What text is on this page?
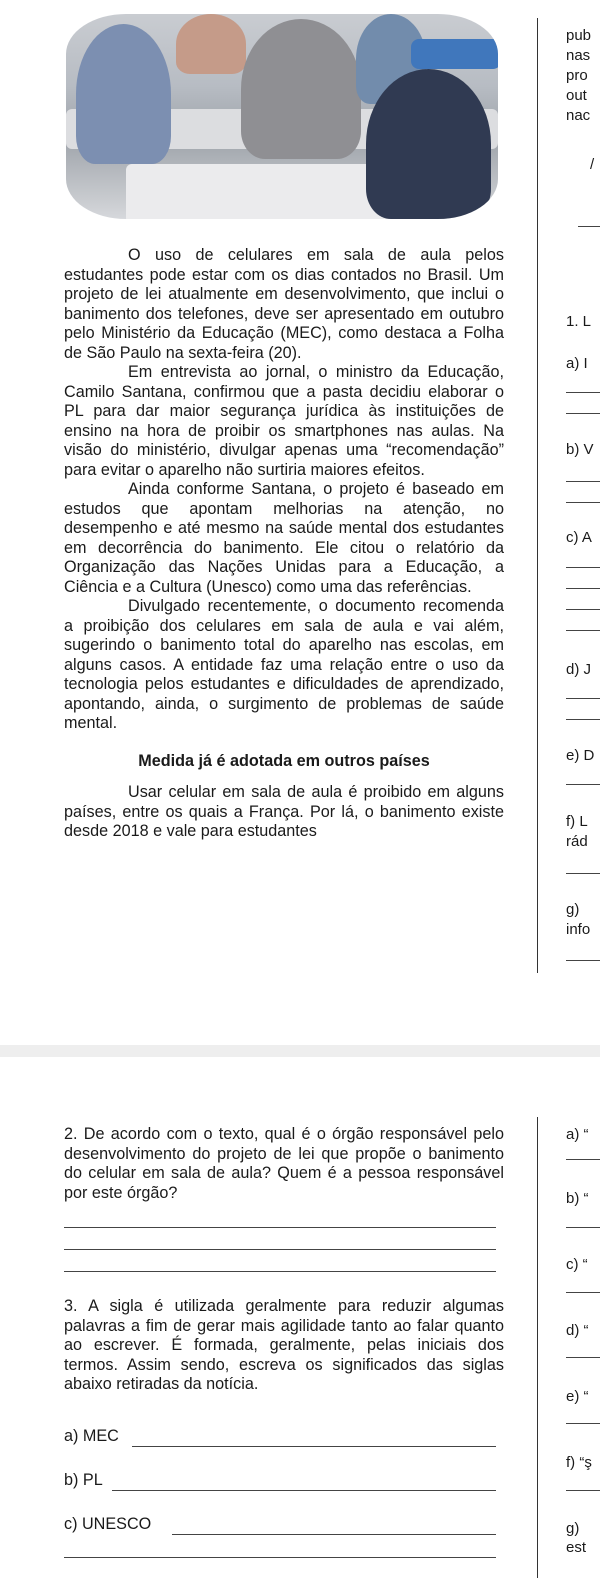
O uso de celulares em sala de aula pelos estudantes pode estar com os dias contados no Brasil. Um projeto de lei atualmente em desenvolvimento, que inclui o banimento dos telefones, deve ser apresentado em outubro pelo Ministério da Educação (MEC), como destaca a Folha de São Paulo na sexta-feira (20).

Em entrevista ao jornal, o ministro da Educação, Camilo Santana, confirmou que a pasta decidiu elaborar o PL para dar maior segurança jurídica às instituições de ensino na hora de proibir os smartphones nas aulas. Na visão do ministério, divulgar apenas uma “recomendação” para evitar o aparelho não surtiria maiores efeitos.

Ainda conforme Santana, o projeto é baseado em estudos que apontam melhorias na atenção, no desempenho e até mesmo na saúde mental dos estudantes em decorrência do banimento. Ele citou o relatório da Organização das Nações Unidas para a Educação, a Ciência e a Cultura (Unesco) como uma das referências.

Divulgado recentemente, o documento recomenda a proibição dos celulares em sala de aula e vai além, sugerindo o banimento total do aparelho nas escolas, em alguns casos. A entidade faz uma relação entre o uso da tecnologia pelos estudantes e dificuldades de aprendizado, apontando, ainda, o surgimento de problemas de saúde mental.

Medida já é adotada em outros países

Usar celular em sala de aula é proibido em alguns países, entre os quais a França. Por lá, o banimento existe desde 2018 e vale para estudantes

pub
nas
pro
out
nac
/
1. L
a) I
b) V
c) A
d) J
e) D
f) L
rád
g)
info
2. De acordo com o texto, qual é o órgão responsável pelo desenvolvimento do projeto de lei que propõe o banimento do celular em sala de aula? Quem é a pessoa responsável por este órgão?
3. A sigla é utilizada geralmente para reduzir algumas palavras a fim de gerar mais agilidade tanto ao falar quanto ao escrever. É formada, geralmente, pelas iniciais dos termos. Assim sendo, escreva os significados das siglas abaixo retiradas da notícia.
a) MEC
b) PL
c) UNESCO
a) “
b) “
c) “
d) “
e) “
f) “ş
g)
est
